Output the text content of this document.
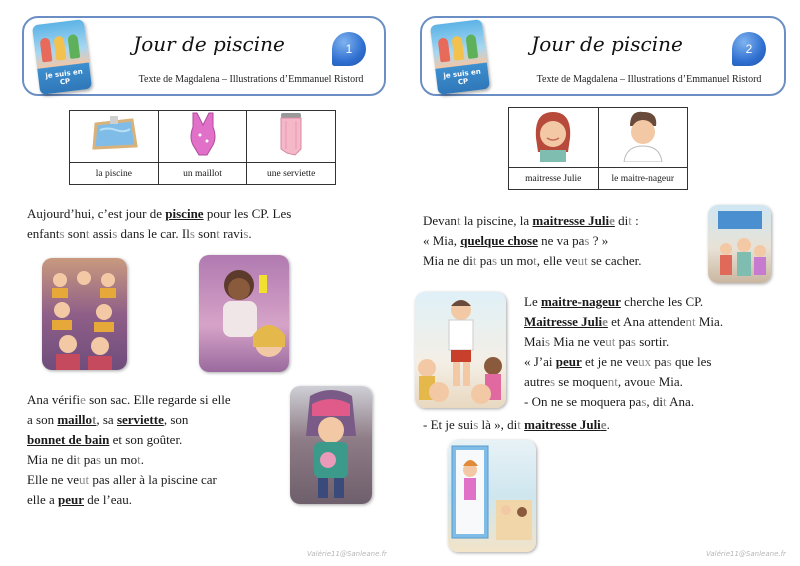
je suis en CP
Jour de piscine
Texte de Magdalena – Illustrations d’Emmanuel Ristord
1

la piscine	un maillot	une serviette

Aujourd’hui, c’est jour de piscine pour les CP. Les

enfants sont assis dans le car. Ils sont ravis.

Ana vérifie son sac. Elle regarde si elle

a son maillot, sa serviette, son

bonnet de bain et son goûter.

Mia ne dit pas un mot.

Elle ne veut pas aller à la piscine car

elle a peur de l’eau.

Valérie11@Sanleane.fr
je suis en CP
Jour de piscine
Texte de Magdalena – Illustrations d’Emmanuel Ristord
2

maitresse Julie	le maitre-nageur

Devant la piscine, la maitresse Julie dit :

« Mia, quelque chose ne va pas ? »

Mia ne dit pas un mot, elle veut se cacher.

Le maitre-nageur cherche les CP.

Maitresse Julie et Ana attendent Mia.

Mais Mia ne veut pas sortir.

« J’ai peur et je ne veux pas que les

autres se moquent, avoue Mia.

- On ne se moquera pas, dit Ana.

- Et je suis là », dit maitresse Julie.

Valérie11@Sanleane.fr
